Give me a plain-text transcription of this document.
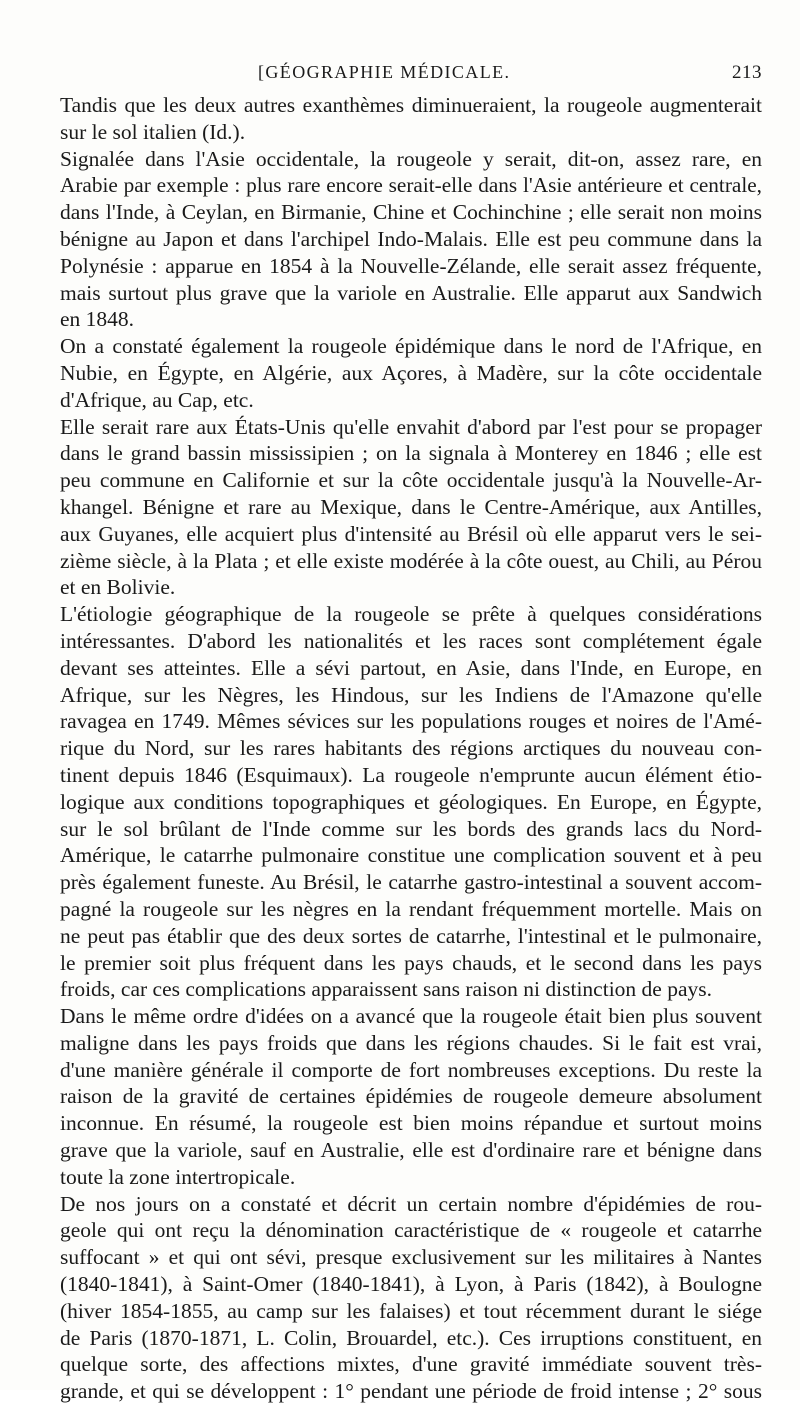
[GÉOGRAPHIE MÉDICALE.	213
Tandis que les deux autres exanthèmes diminueraient, la rougeole augmenterait
sur le sol italien (Id.).
Signalée dans l'Asie occidentale, la rougeole y serait, dit-on, assez rare, en
Arabie par exemple : plus rare encore serait-elle dans l'Asie antérieure et centrale,
dans l'Inde, à Ceylan, en Birmanie, Chine et Cochinchine ; elle serait non moins
bénigne au Japon et dans l'archipel Indo-Malais. Elle est peu commune dans la
Polynésie : apparue en 1854 à la Nouvelle-Zélande, elle serait assez fréquente,
mais surtout plus grave que la variole en Australie. Elle apparut aux Sandwich
en 1848.
On a constaté également la rougeole épidémique dans le nord de l'Afrique, en
Nubie, en Égypte, en Algérie, aux Açores, à Madère, sur la côte occidentale
d'Afrique, au Cap, etc.
Elle serait rare aux États-Unis qu'elle envahit d'abord par l'est pour se propager
dans le grand bassin mississipien ; on la signala à Monterey en 1846 ; elle est
peu commune en Californie et sur la côte occidentale jusqu'à la Nouvelle-Ar-
khangel. Bénigne et rare au Mexique, dans le Centre-Amérique, aux Antilles,
aux Guyanes, elle acquiert plus d'intensité au Brésil où elle apparut vers le sei-
zième siècle, à la Plata ; et elle existe modérée à la côte ouest, au Chili, au Pérou
et en Bolivie.
L'étiologie géographique de la rougeole se prête à quelques considérations
intéressantes. D'abord les nationalités et les races sont complétement égale
devant ses atteintes. Elle a sévi partout, en Asie, dans l'Inde, en Europe, en
Afrique, sur les Nègres, les Hindous, sur les Indiens de l'Amazone qu'elle
ravagea en 1749. Mêmes sévices sur les populations rouges et noires de l'Amé-
rique du Nord, sur les rares habitants des régions arctiques du nouveau con-
tinent depuis 1846 (Esquimaux). La rougeole n'emprunte aucun élément étio-
logique aux conditions topographiques et géologiques. En Europe, en Égypte,
sur le sol brûlant de l'Inde comme sur les bords des grands lacs du Nord-
Amérique, le catarrhe pulmonaire constitue une complication souvent et à peu
près également funeste. Au Brésil, le catarrhe gastro-intestinal a souvent accom-
pagné la rougeole sur les nègres en la rendant fréquemment mortelle. Mais on
ne peut pas établir que des deux sortes de catarrhe, l'intestinal et le pulmonaire,
le premier soit plus fréquent dans les pays chauds, et le second dans les pays
froids, car ces complications apparaissent sans raison ni distinction de pays.
Dans le même ordre d'idées on a avancé que la rougeole était bien plus souvent
maligne dans les pays froids que dans les régions chaudes. Si le fait est vrai,
d'une manière générale il comporte de fort nombreuses exceptions. Du reste la
raison de la gravité de certaines épidémies de rougeole demeure absolument
inconnue. En résumé, la rougeole est bien moins répandue et surtout moins
grave que la variole, sauf en Australie, elle est d'ordinaire rare et bénigne dans
toute la zone intertropicale.
De nos jours on a constaté et décrit un certain nombre d'épidémies de rou-
geole qui ont reçu la dénomination caractéristique de « rougeole et catarrhe
suffocant » et qui ont sévi, presque exclusivement sur les militaires à Nantes
(1840-1841), à Saint-Omer (1840-1841), à Lyon, à Paris (1842), à Boulogne
(hiver 1854-1855, au camp sur les falaises) et tout récemment durant le siége
de Paris (1870-1871, L. Colin, Brouardel, etc.). Ces irruptions constituent, en
quelque sorte, des affections mixtes, d'une gravité immédiate souvent très-
grande, et qui se développent : 1° pendant une période de froid intense ; 2° sous
